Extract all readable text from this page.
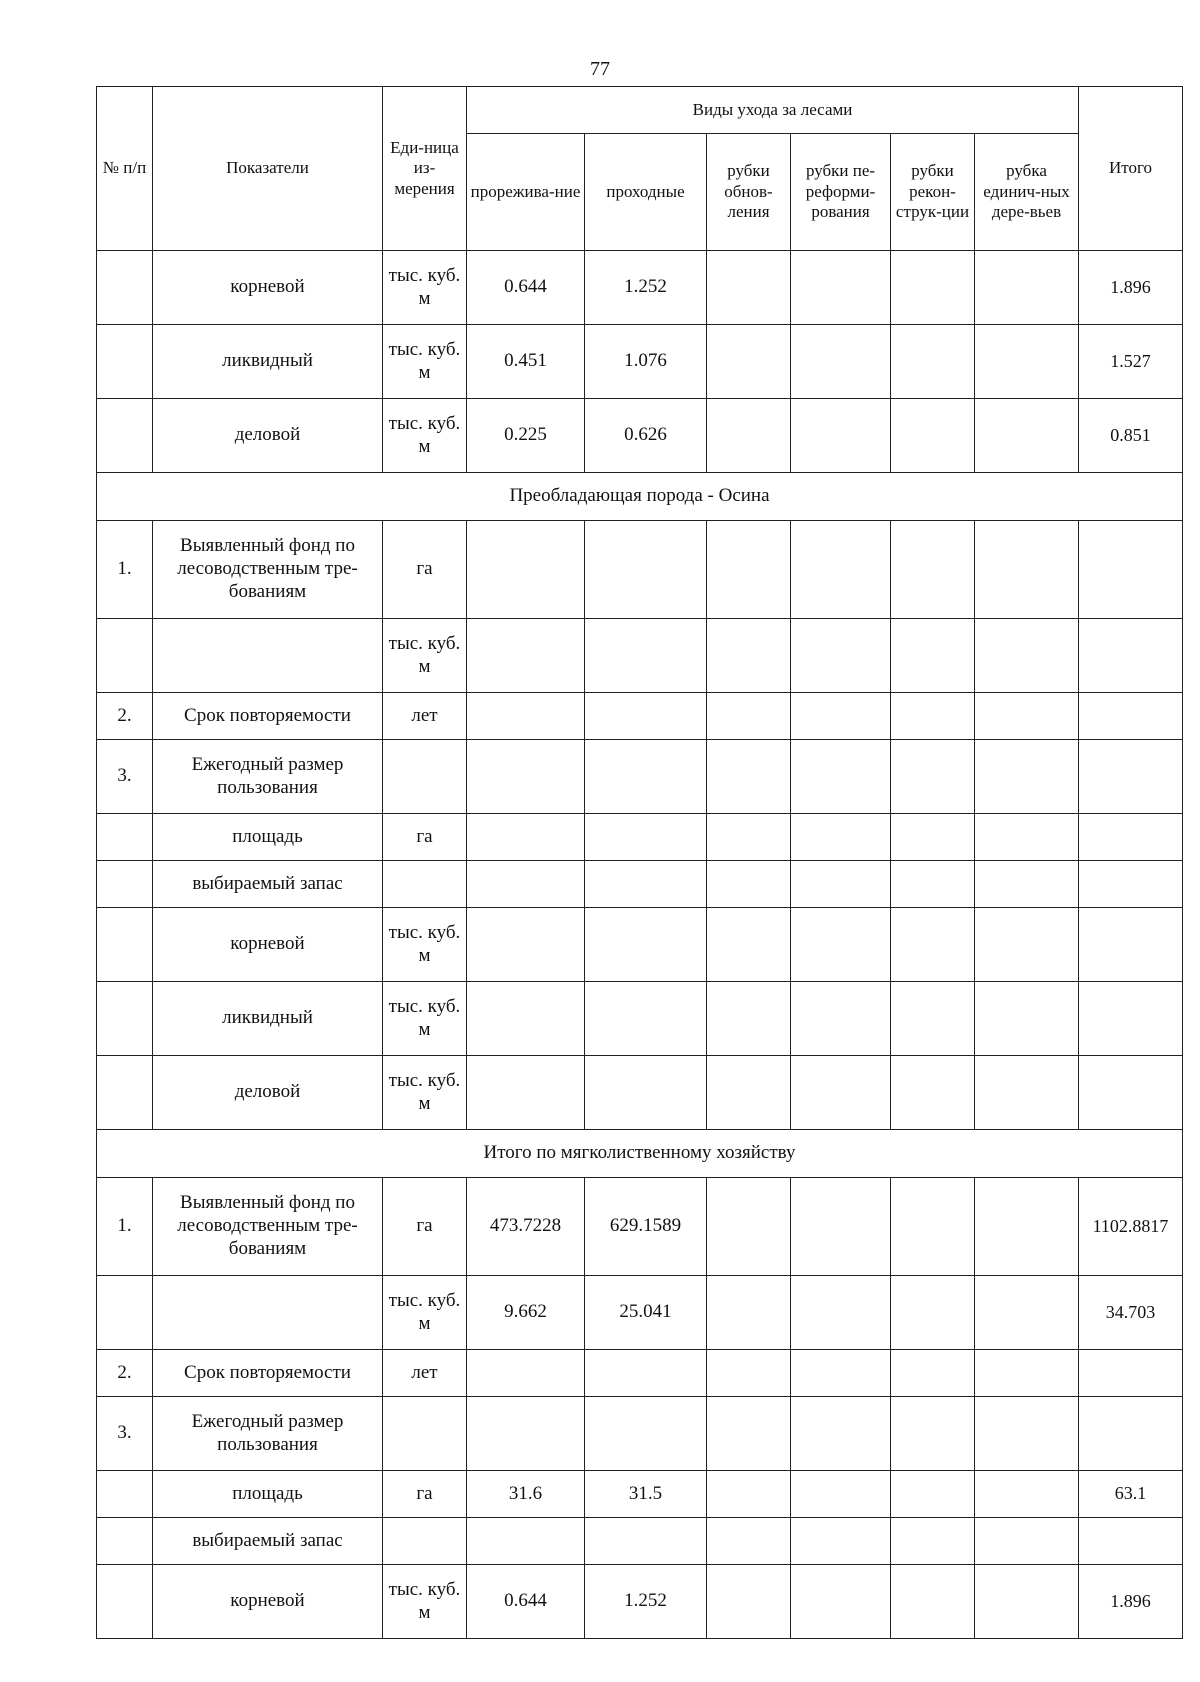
77
№ п/п	Показатели	Еди-ница из-мерения	Виды ухода за лесами						Итого
			прорежива-ние	проходные	рубки обнов-ления	рубки пе-реформи-рования	рубки рекон-струк-ции	рубка единич-ных дере-вьев	
	корневой	тыс. куб. м	0.644	1.252					1.896
	ликвидный	тыс. куб. м	0.451	1.076					1.527
	деловой	тыс. куб. м	0.225	0.626					0.851
Преобладающая порода - Осина									
1.	Выявленный фонд по лесоводственным тре-бованиям	га							
		тыс. куб. м							
2.	Срок повторяемости	лет							
3.	Ежегодный размер пользования								
	площадь	га							
	выбираемый запас								
	корневой	тыс. куб. м							
	ликвидный	тыс. куб. м							
	деловой	тыс. куб. м							
Итого по мягколиственному хозяйству									
1.	Выявленный фонд по лесоводственным тре-бованиям	га	473.7228	629.1589					1102.8817
		тыс. куб. м	9.662	25.041					34.703
2.	Срок повторяемости	лет							
3.	Ежегодный размер пользования								
	площадь	га	31.6	31.5					63.1
	выбираемый запас								
	корневой	тыс. куб. м	0.644	1.252					1.896
